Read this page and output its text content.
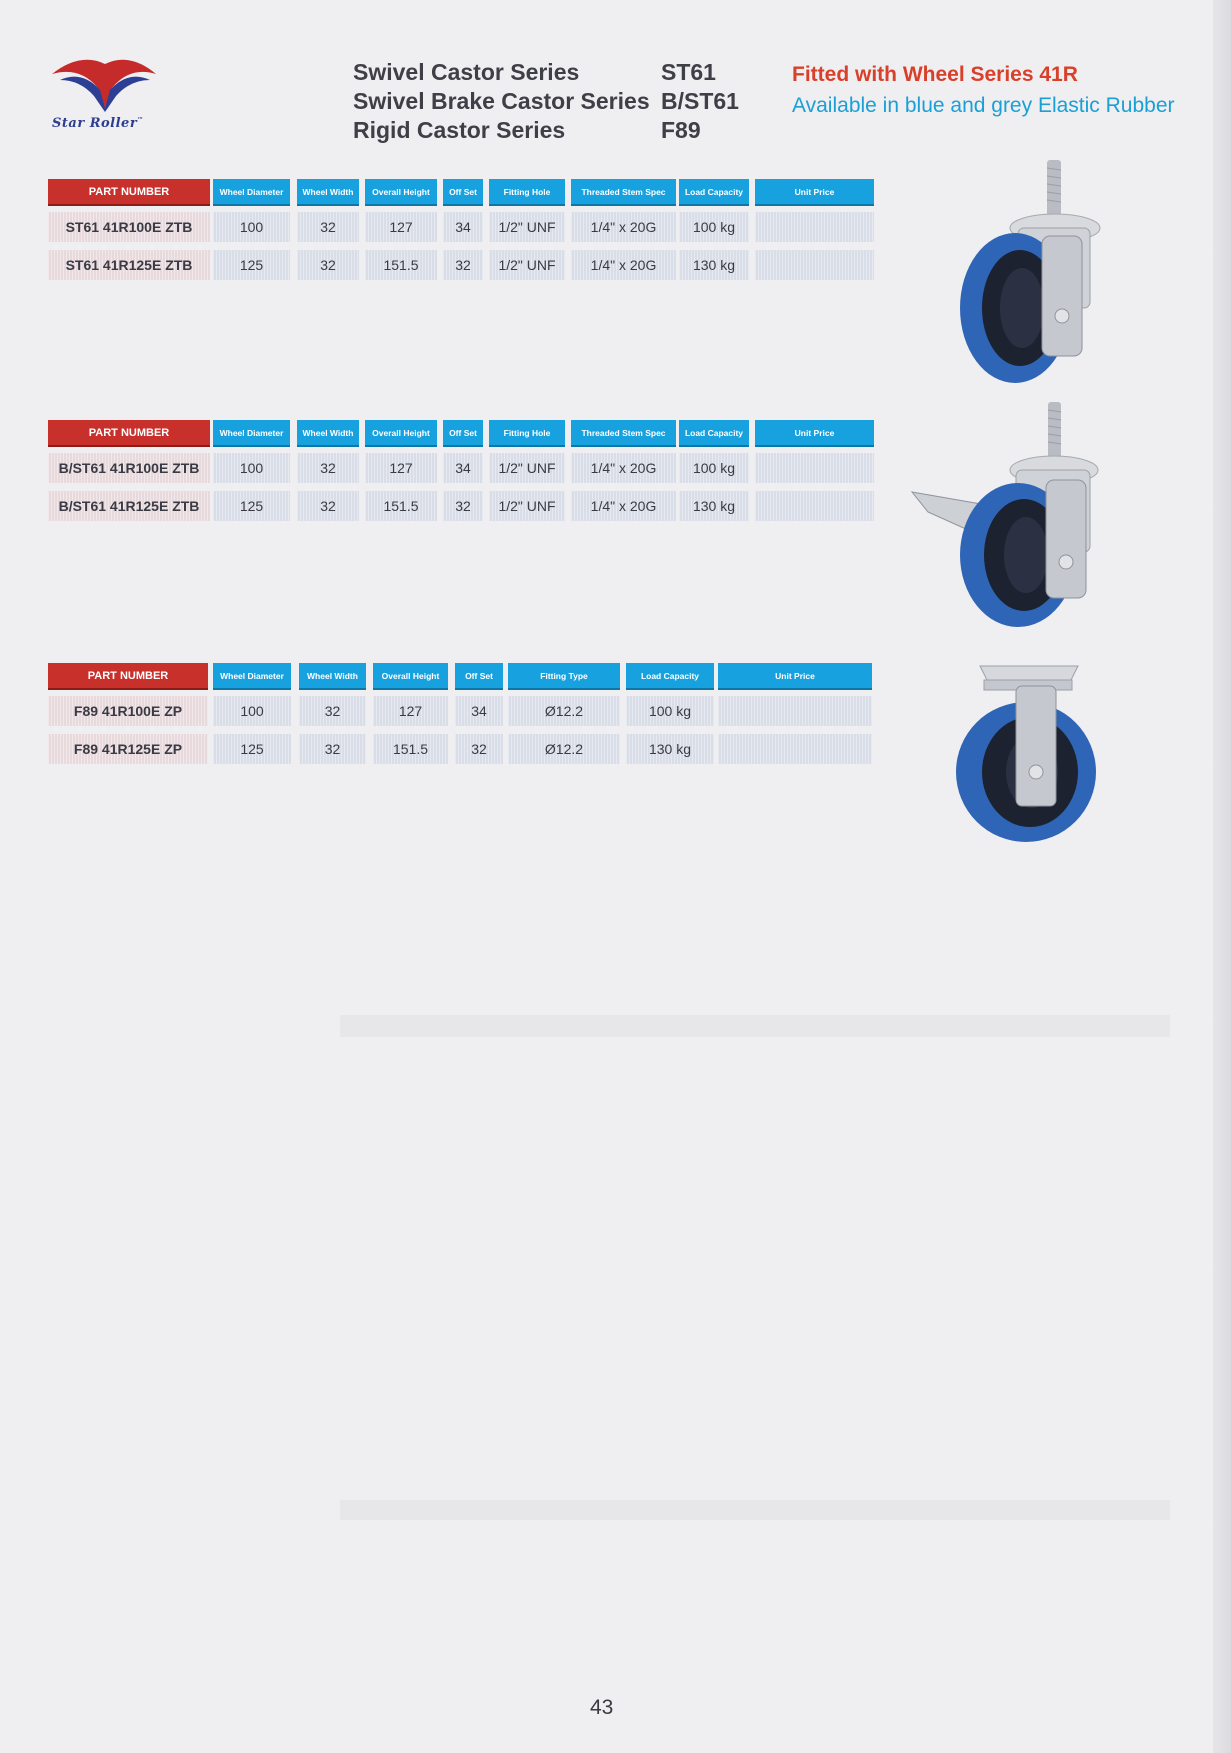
Star Roller™
Swivel Castor Series	ST61
Swivel Brake Castor Series B/ST61
Rigid Castor Series	F89
Fitted with Wheel Series 41R
Available in blue and grey Elastic Rubber
PART NUMBER	Wheel Diameter	Wheel Width	Overall Height	Off Set	Fitting Hole	Threaded Stem Spec	Load Capacity	Unit Price
ST61 41R100E ZTB	100	32	127	34	1/2" UNF	1/4" x 20G	100 kg
ST61 41R125E ZTB	125	32	151.5	32	1/2" UNF	1/4" x 20G	130 kg
PART NUMBER	Wheel Diameter	Wheel Width	Overall Height	Off Set	Fitting Hole	Threaded Stem Spec	Load Capacity	Unit Price
B/ST61 41R100E ZTB	100	32	127	34	1/2" UNF	1/4" x 20G	100 kg
B/ST61 41R125E ZTB	125	32	151.5	32	1/2" UNF	1/4" x 20G	130 kg
PART NUMBER	Wheel Diameter	Wheel Width	Overall Height	Off Set	Fitting Type	Load Capacity	Unit Price
F89 41R100E ZP	100	32	127	34	Ø12.2	100 kg
F89 41R125E ZP	125	32	151.5	32	Ø12.2	130 kg
43
